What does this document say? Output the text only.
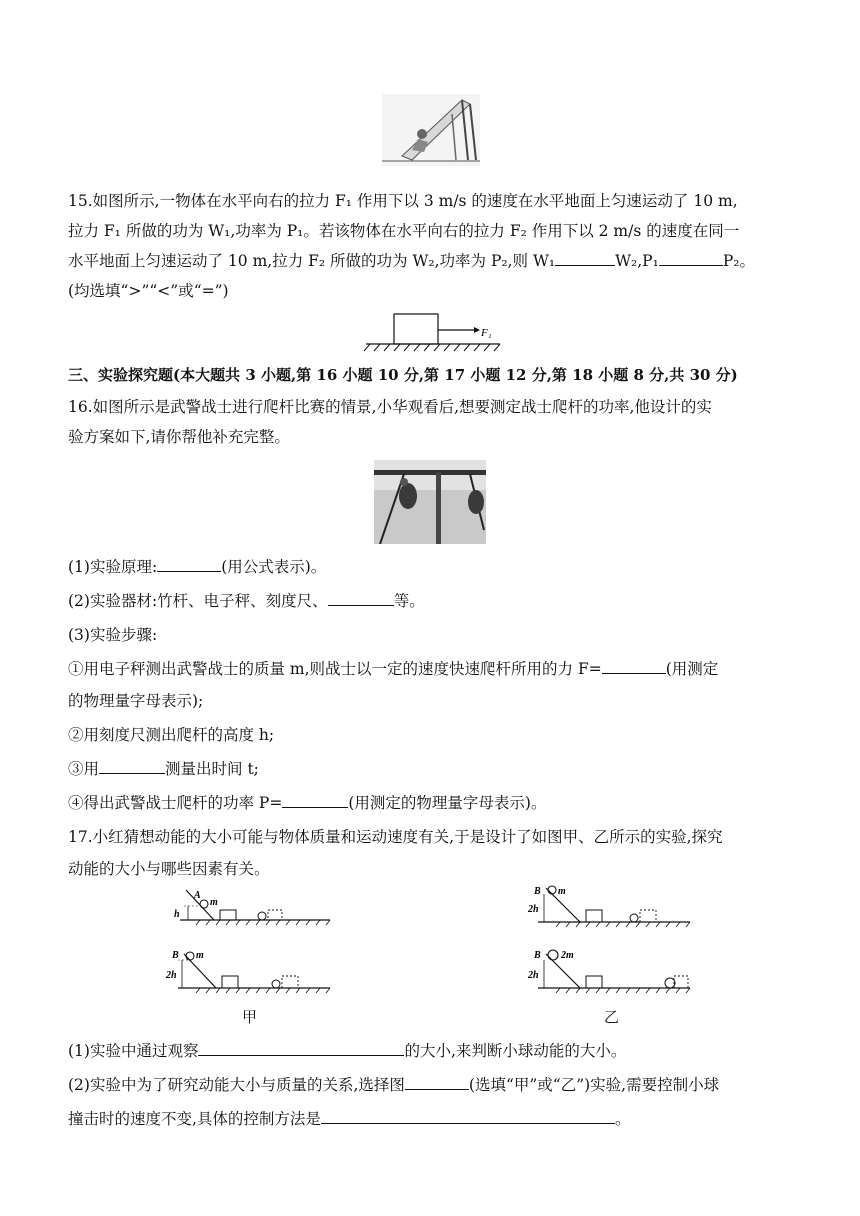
15.如图所示,一物体在水平向右的拉力 F₁ 作用下以 3 m/s 的速度在水平地面上匀速运动了 10 m,
拉力 F₁ 所做的功为 W₁,功率为 P₁。若该物体在水平向右的拉力 F₂ 作用下以 2 m/s 的速度在同一
水平地面上匀速运动了 10 m,拉力 F₂ 所做的功为 W₂,功率为 P₂,则 W₁	W₂,P₁	P₂。
(均选填“>”“<”或“=”)
F₁
三、实验探究题(本大题共 3 小题,第 16 小题 10 分,第 17 小题 12 分,第 18 小题 8 分,共 30 分)
16.如图所示是武警战士进行爬杆比赛的情景,小华观看后,想要测定战士爬杆的功率,他设计的实
验方案如下,请你帮他补充完整。
(1)实验原理:	(用公式表示)。
(2)实验器材:竹杆、电子秤、刻度尺、	等。
(3)实验步骤:
①用电子秤测出武警战士的质量 m,则战士以一定的速度快速爬杆所用的力 F=	(用测定
的物理量字母表示);
②用刻度尺测出爬杆的高度 h;
③用	测量出时间 t;
④得出武警战士爬杆的功率 P=	(用测定的物理量字母表示)。
17.小红猜想动能的大小可能与物体质量和运动速度有关,于是设计了如图甲、乙所示的实验,探究
动能的大小与哪些因素有关。
A
m
h
B m
2h
甲
B m
2h
B 2m
2h
乙
(1)实验中通过观察	的大小,来判断小球动能的大小。
(2)实验中为了研究动能大小与质量的关系,选择图	(选填“甲”或“乙”)实验,需要控制小球
撞击时的速度不变,具体的控制方法是	。
